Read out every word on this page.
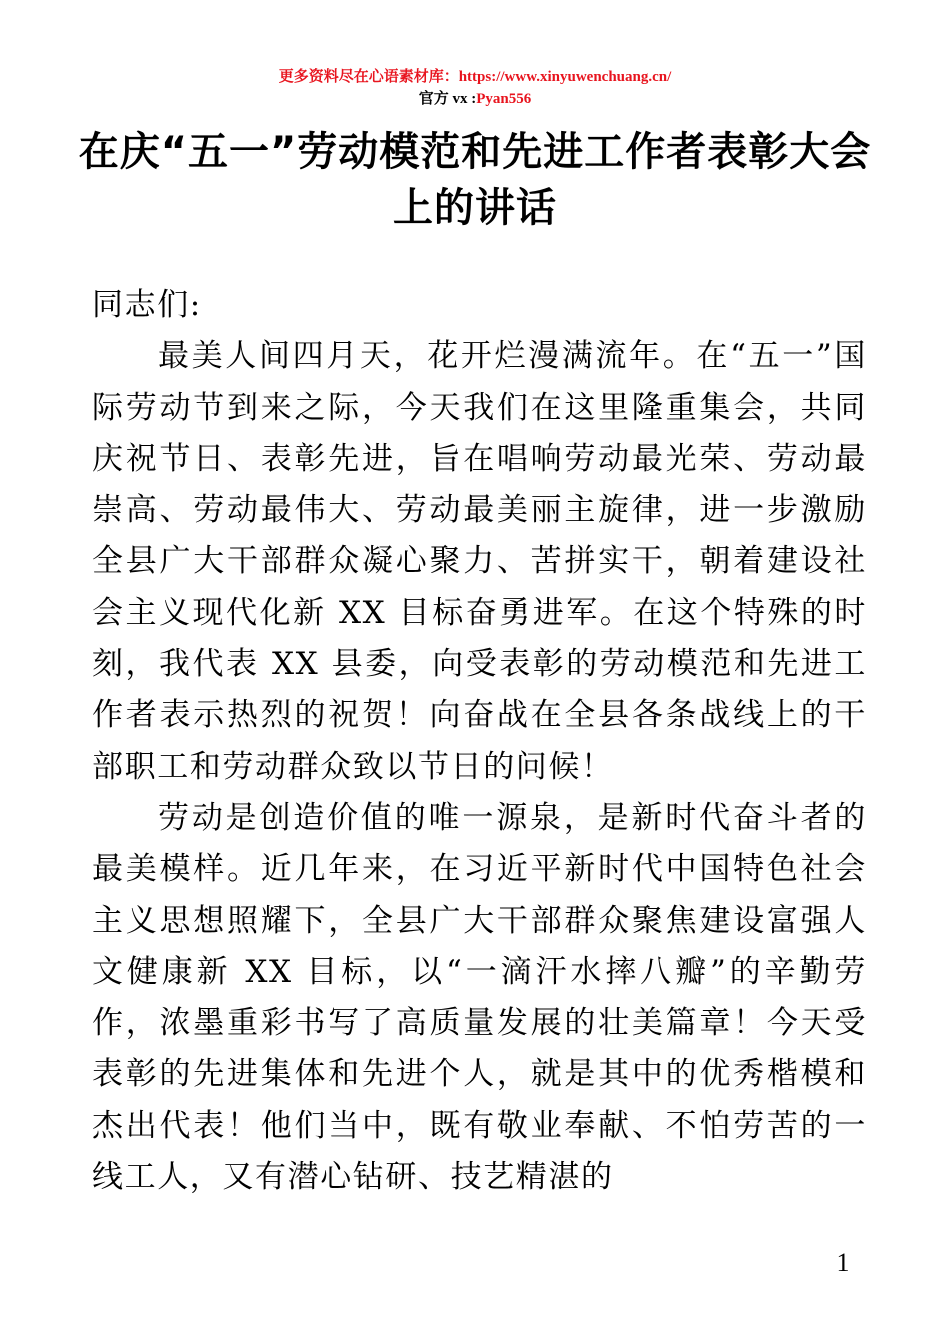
更多资料尽在心语素材库：https://www.xinyuwenchuang.cn/
官方 vx :Pyan556
在庆“五一”劳动模范和先进工作者表彰大会上的讲话

同志们:

最美人间四月天，花开烂漫满流年。在“五一”国际劳动节到来之际，今天我们在这里隆重集会，共同庆祝节日、表彰先进，旨在唱响劳动最光荣、劳动最崇高、劳动最伟大、劳动最美丽主旋律，进一步激励全县广大干部群众凝心聚力、苦拼实干，朝着建设社会主义现代化新 XX 目标奋勇进军。在这个特殊的时刻，我代表 XX 县委，向受表彰的劳动模范和先进工作者表示热烈的祝贺！向奋战在全县各条战线上的干部职工和劳动群众致以节日的问候！

劳动是创造价值的唯一源泉，是新时代奋斗者的最美模样。近几年来，在习近平新时代中国特色社会主义思想照耀下，全县广大干部群众聚焦建设富强人文健康新 XX 目标，以“一滴汗水摔八瓣”的辛勤劳作，浓墨重彩书写了高质量发展的壮美篇章！今天受表彰的先进集体和先进个人，就是其中的优秀楷模和杰出代表！他们当中，既有敬业奉献、不怕劳苦的一线工人，又有潜心钻研、技艺精湛的

1
